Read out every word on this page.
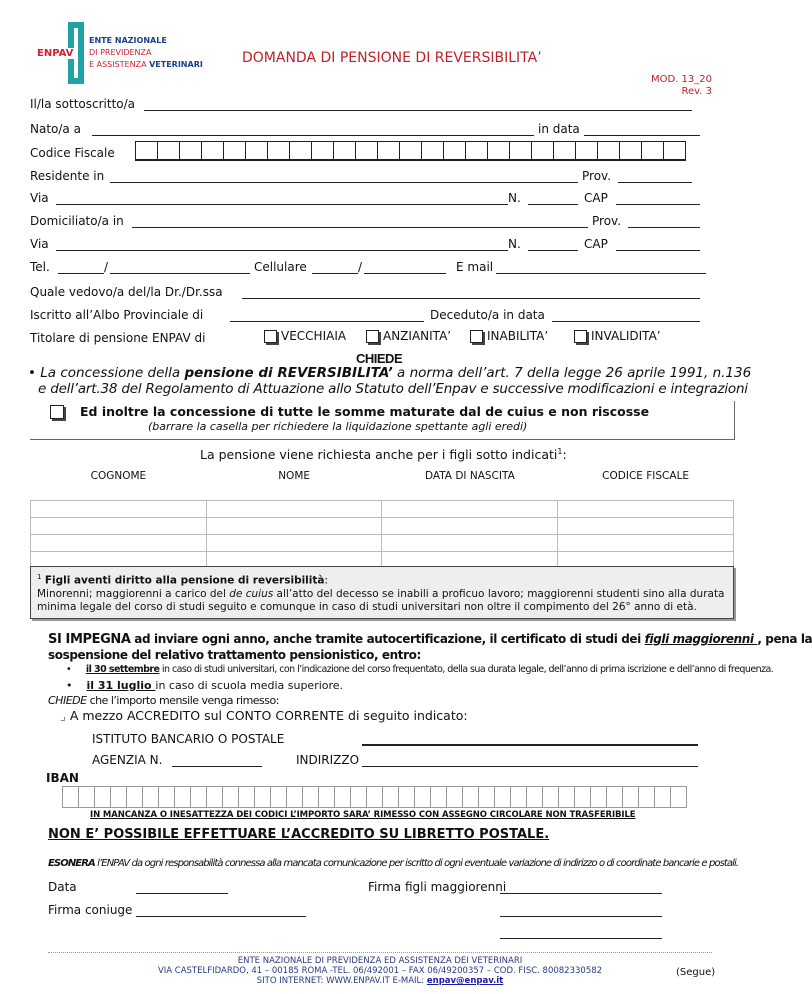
ENPAV
ENTE NAZIONALE
DI PREVIDENZA
E ASSISTENZA VETERINARI	DOMANDA DI PENSIONE DI REVERSIBILITA’
MOD. 13_20
Rev. 3
Il/la sottoscritto/a
Nato/a a	in data
Codice Fiscale

Residente in	Prov.
Via	N.	CAP
Domiciliato/a in	Prov.
Via	N.	CAP
Tel.	/	Cellulare	/	E mail
Quale vedovo/a del/la Dr./Dr.ssa
Iscritto all’Albo Provinciale di	Deceduto/a in data
Titolare di pensione ENPAV di	VECCHIAIA	ANZIANITA’	INABILITA’	INVALIDITA’
CHIEDE
• La concessione della pensione di REVERSIBILITA’ a norma dell’art. 7 della legge 26 aprile 1991, n.136
e dell’art.38 del Regolamento di Attuazione allo Statuto dell’Enpav e successive modificazioni e integrazioni
Ed inoltre la concessione di tutte le somme maturate dal de cuius e non riscosse
(barrare la casella per richiedere la liquidazione spettante agli eredi)
La pensione viene richiesta anche per i figli sotto indicati$^1$:
COGNOME	NOME	DATA DI NASCITA	CODICE FISCALE

$^1$ Figli aventi diritto alla pensione di reversibilità:
Minorenni; maggiorenni a carico del de cuius all’atto del decesso se inabili a proficuo lavoro; maggiorenni studenti sino alla durata minima legale del corso di studi seguito e comunque in caso di studi universitari non oltre il compimento del 26° anno di età.
SI IMPEGNA ad inviare ogni anno, anche tramite autocertificazione, il certificato di studi dei figli maggiorenni , pena la
sospensione del relativo trattamento pensionistico, entro:
•      il 30 settembre in caso di studi universitari, con l’indicazione del corso frequentato, della sua durata legale, dell’anno di prima iscrizione e dell’anno di frequenza.
•    il 31 luglio in caso di scuola media superiore.
CHIEDE che l’importo mensile venga rimesso:
⌟ A mezzo ACCREDITO sul CONTO CORRENTE di seguito indicato:
ISTITUTO BANCARIO O POSTALE
AGENZIA N.	INDIRIZZO
IBAN

IN MANCANZA O INESATTEZZA DEI CODICI L’IMPORTO SARA’ RIMESSO CON ASSEGNO CIRCOLARE NON TRASFERIBILE
NON E’ POSSIBILE EFFETTUARE L’ACCREDITO SU LIBRETTO POSTALE.
ESONERA l’ENPAV da ogni responsabilità connessa alla mancata comunicazione per iscritto di ogni eventuale variazione di indirizzo o di coordinate bancarie e postali.
Data	Firma figli maggiorenni
Firma coniuge
ENTE NAZIONALE DI PREVIDENZA ED ASSISTENZA DEI VETERINARI
VIA CASTELFIDARDO, 41 – 00185 ROMA -TEL. 06/492001 – FAX 06/49200357 – COD. FISC. 80082330582
SITO INTERNET: WWW.ENPAV.IT E-MAIL: enpav@enpav.it
(Segue)
